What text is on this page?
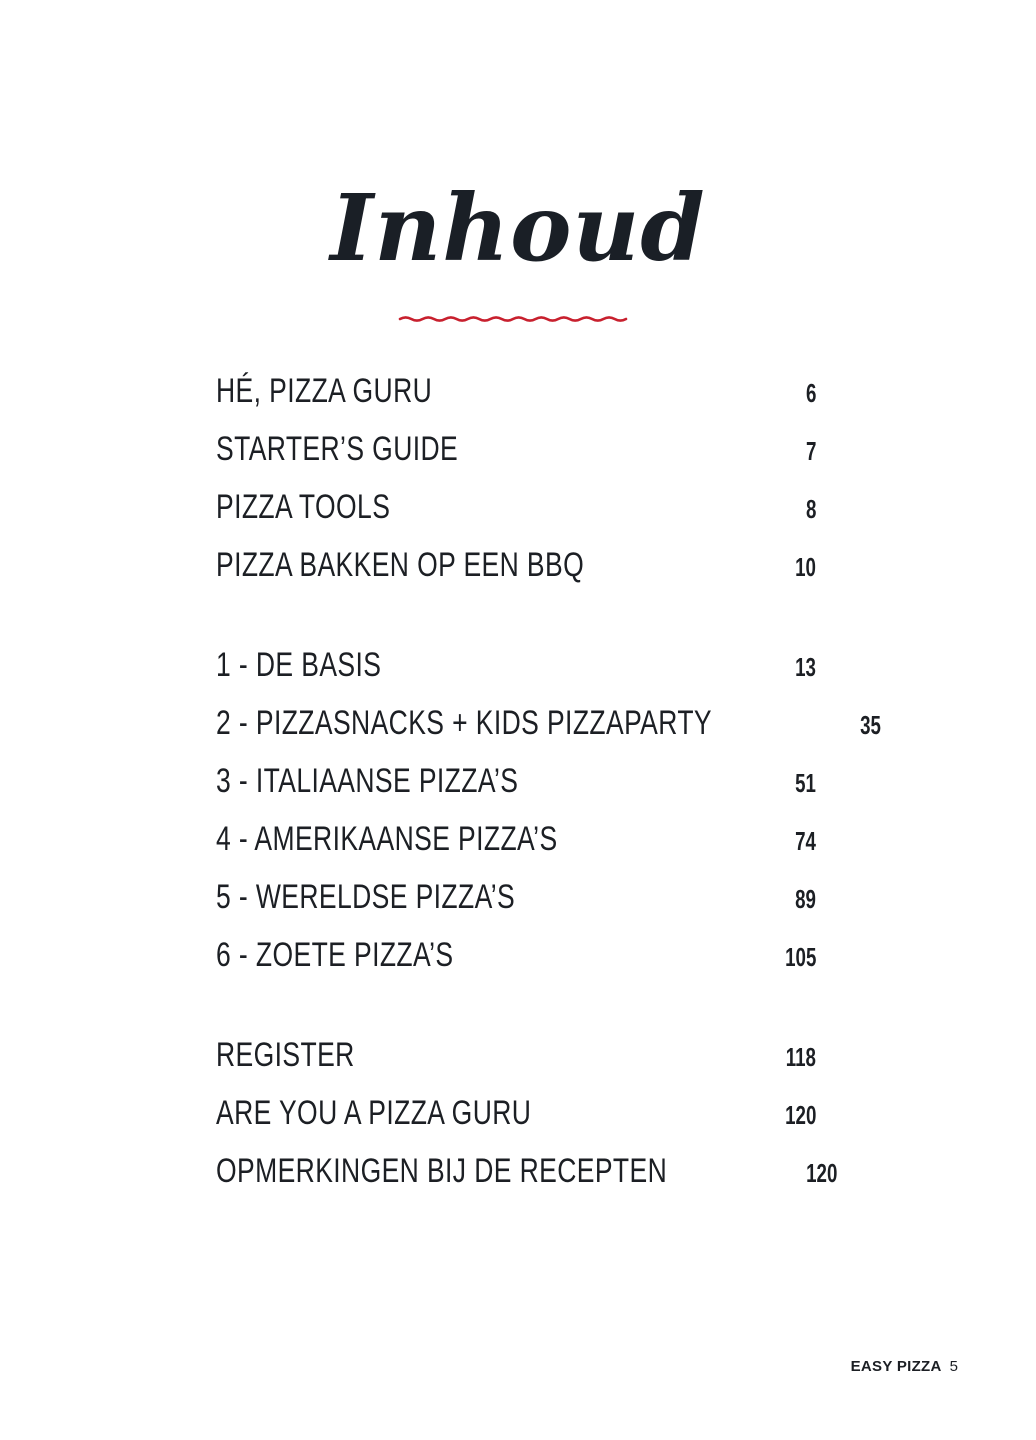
Inhoud
HÉ, PIZZA GURU	6
STARTER’S GUIDE	7
PIZZA TOOLS	8
PIZZA BAKKEN OP EEN BBQ	10
1 - DE BASIS	13
2 - PIZZASNACKS + KIDS PIZZAPARTY	35
3 - ITALIAANSE PIZZA’S	51
4 - AMERIKAANSE PIZZA’S	74
5 - WERELDSE PIZZA’S	89
6 - ZOETE PIZZA’S	105
REGISTER	118
ARE YOU A PIZZA GURU	120
OPMERKINGEN BIJ DE RECEPTEN	120
EASY PIZZA 5
